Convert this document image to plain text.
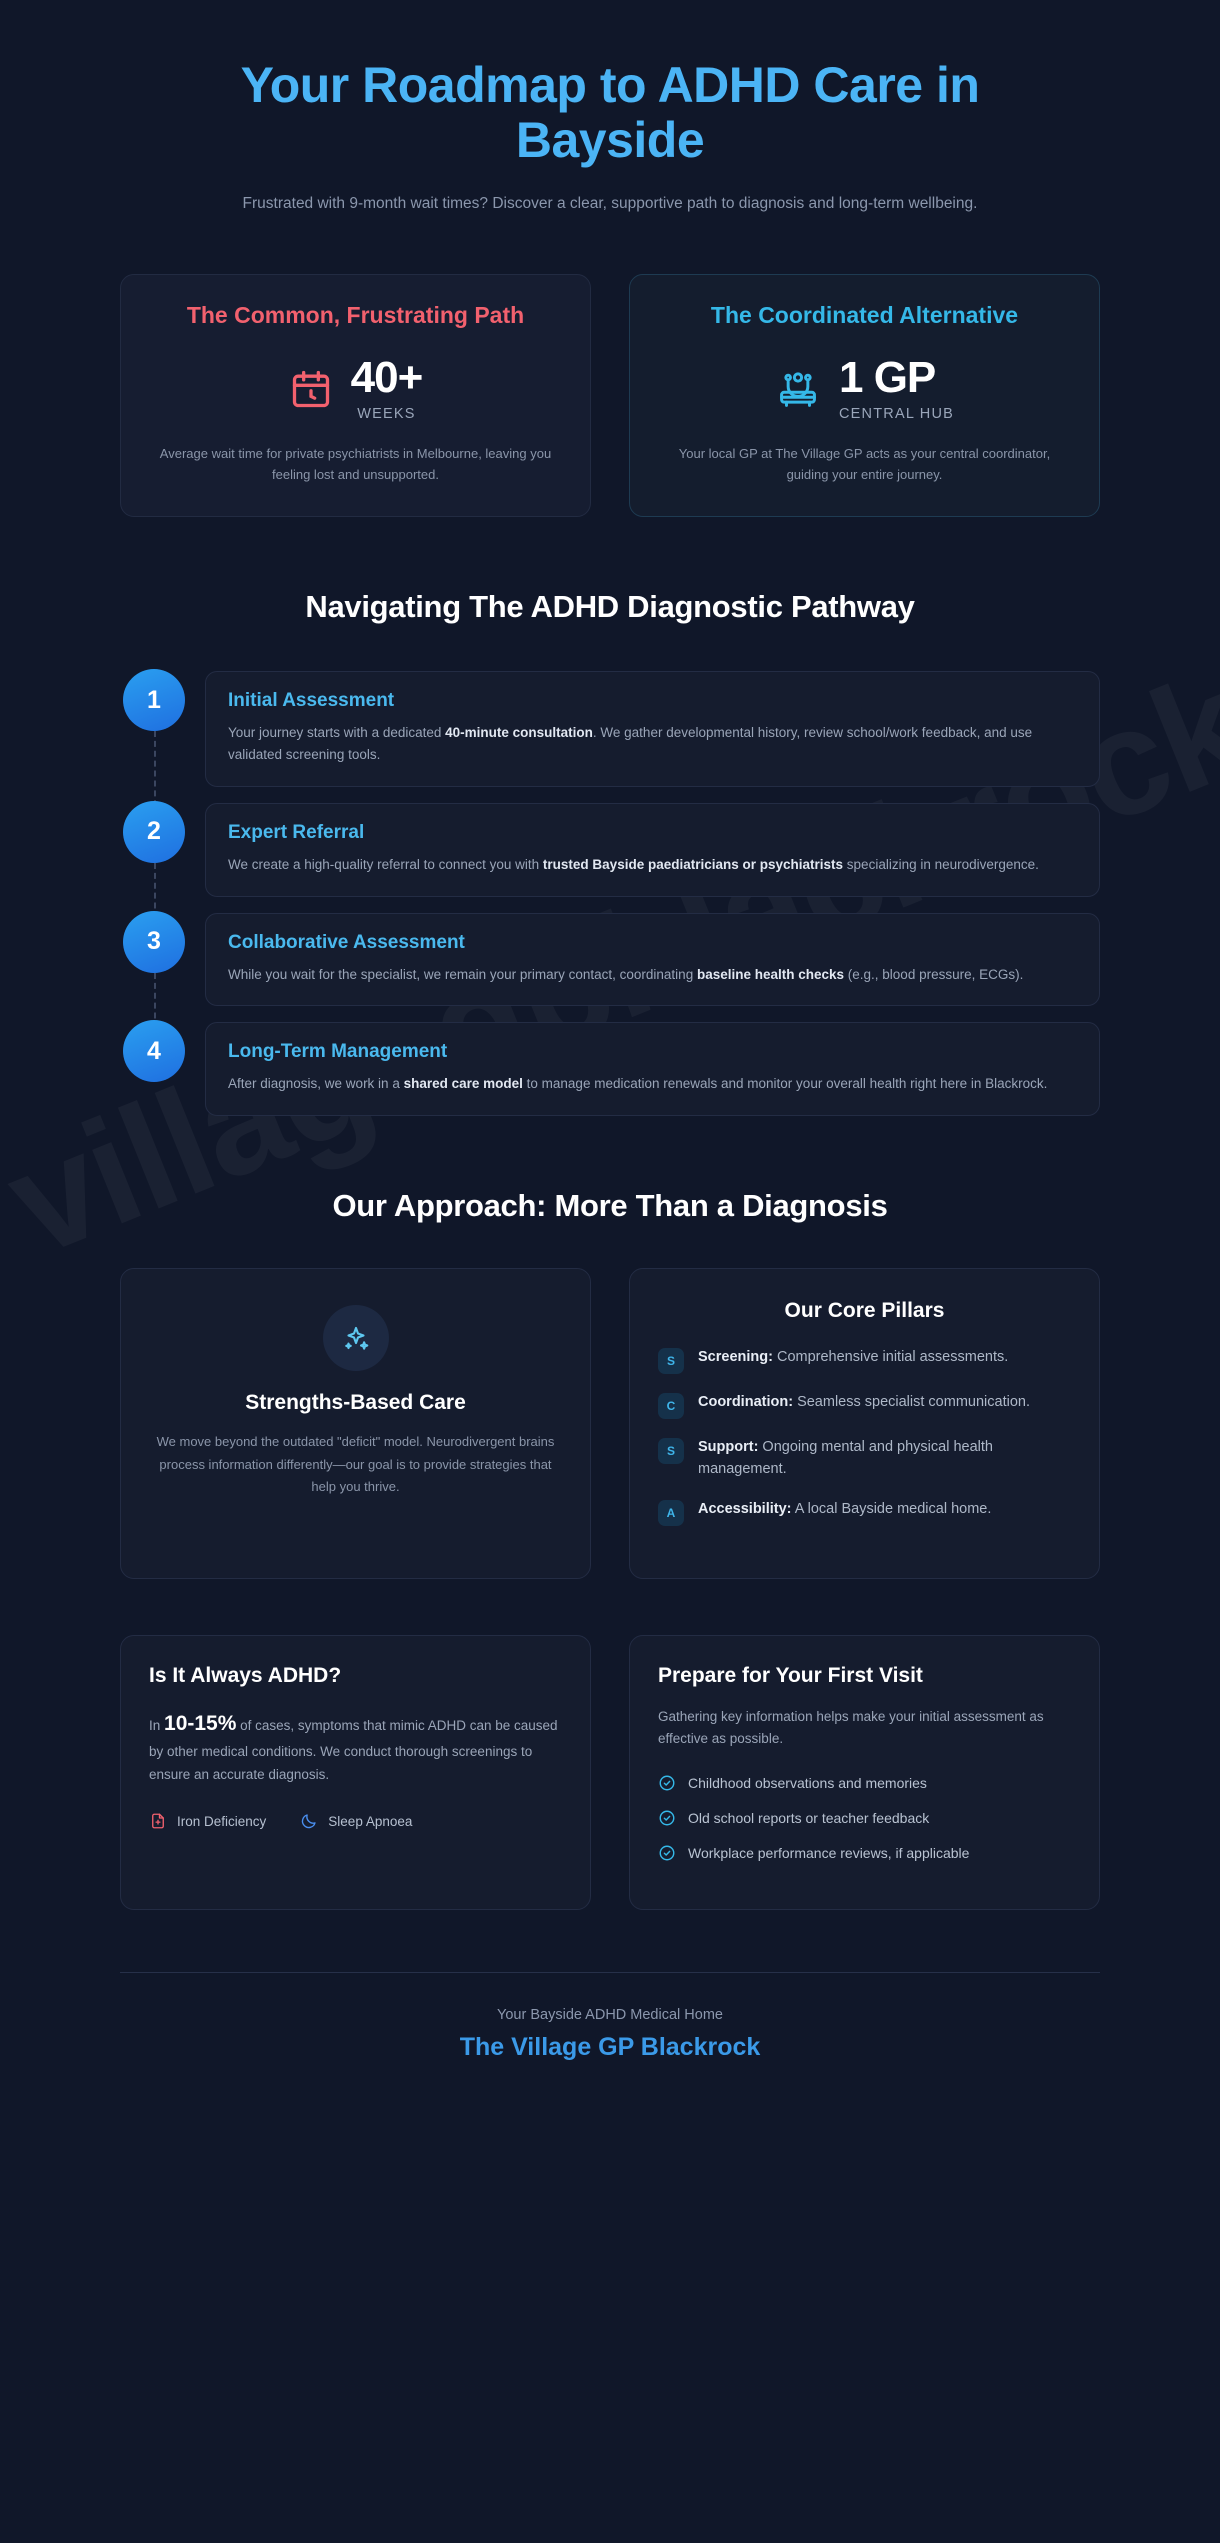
Your Roadmap to ADHD Care in Bayside

Frustrated with 9-month wait times? Discover a clear, supportive path to diagnosis and long-term wellbeing.

The Common, Frustrating Path
40+
WEEKS

Average wait time for private psychiatrists in Melbourne, leaving you feeling lost and unsupported.

The Coordinated Alternative
1 GP
CENTRAL HUB

Your local GP at The Village GP acts as your central coordinator, guiding your entire journey.

Navigating The ADHD Diagnostic Pathway
1	Initial Assessment

Your journey starts with a dedicated 40-minute consultation. We gather developmental history, review school/work feedback, and use validated screening tools.

2	Expert Referral

We create a high-quality referral to connect you with trusted Bayside paediatricians or psychiatrists specializing in neurodivergence.

3	Collaborative Assessment

While you wait for the specialist, we remain your primary contact, coordinating baseline health checks (e.g., blood pressure, ECGs).

4	Long-Term Management

After diagnosis, we work in a shared care model to manage medication renewals and monitor your overall health right here in Blackrock.

Our Approach: More Than a Diagnosis
Strengths-Based Care

We move beyond the outdated "deficit" model. Neurodivergent brains process information differently—our goal is to provide strategies that help you thrive.

Our Core Pillars
S	Screening: Comprehensive initial assessments.
C	Coordination: Seamless specialist communication.
S	Support: Ongoing mental and physical health management.
A	Accessibility: A local Bayside medical home.
Is It Always ADHD?

In 10-15% of cases, symptoms that mimic ADHD can be caused by other medical conditions. We conduct thorough screenings to ensure an accurate diagnosis.

Iron Deficiency	Sleep Apnoea
Prepare for Your First Visit

Gathering key information helps make your initial assessment as effective as possible.

Childhood observations and memories
Old school reports or teacher feedback
Workplace performance reviews, if applicable
Your Bayside ADHD Medical Home
The Village GP Blackrock
